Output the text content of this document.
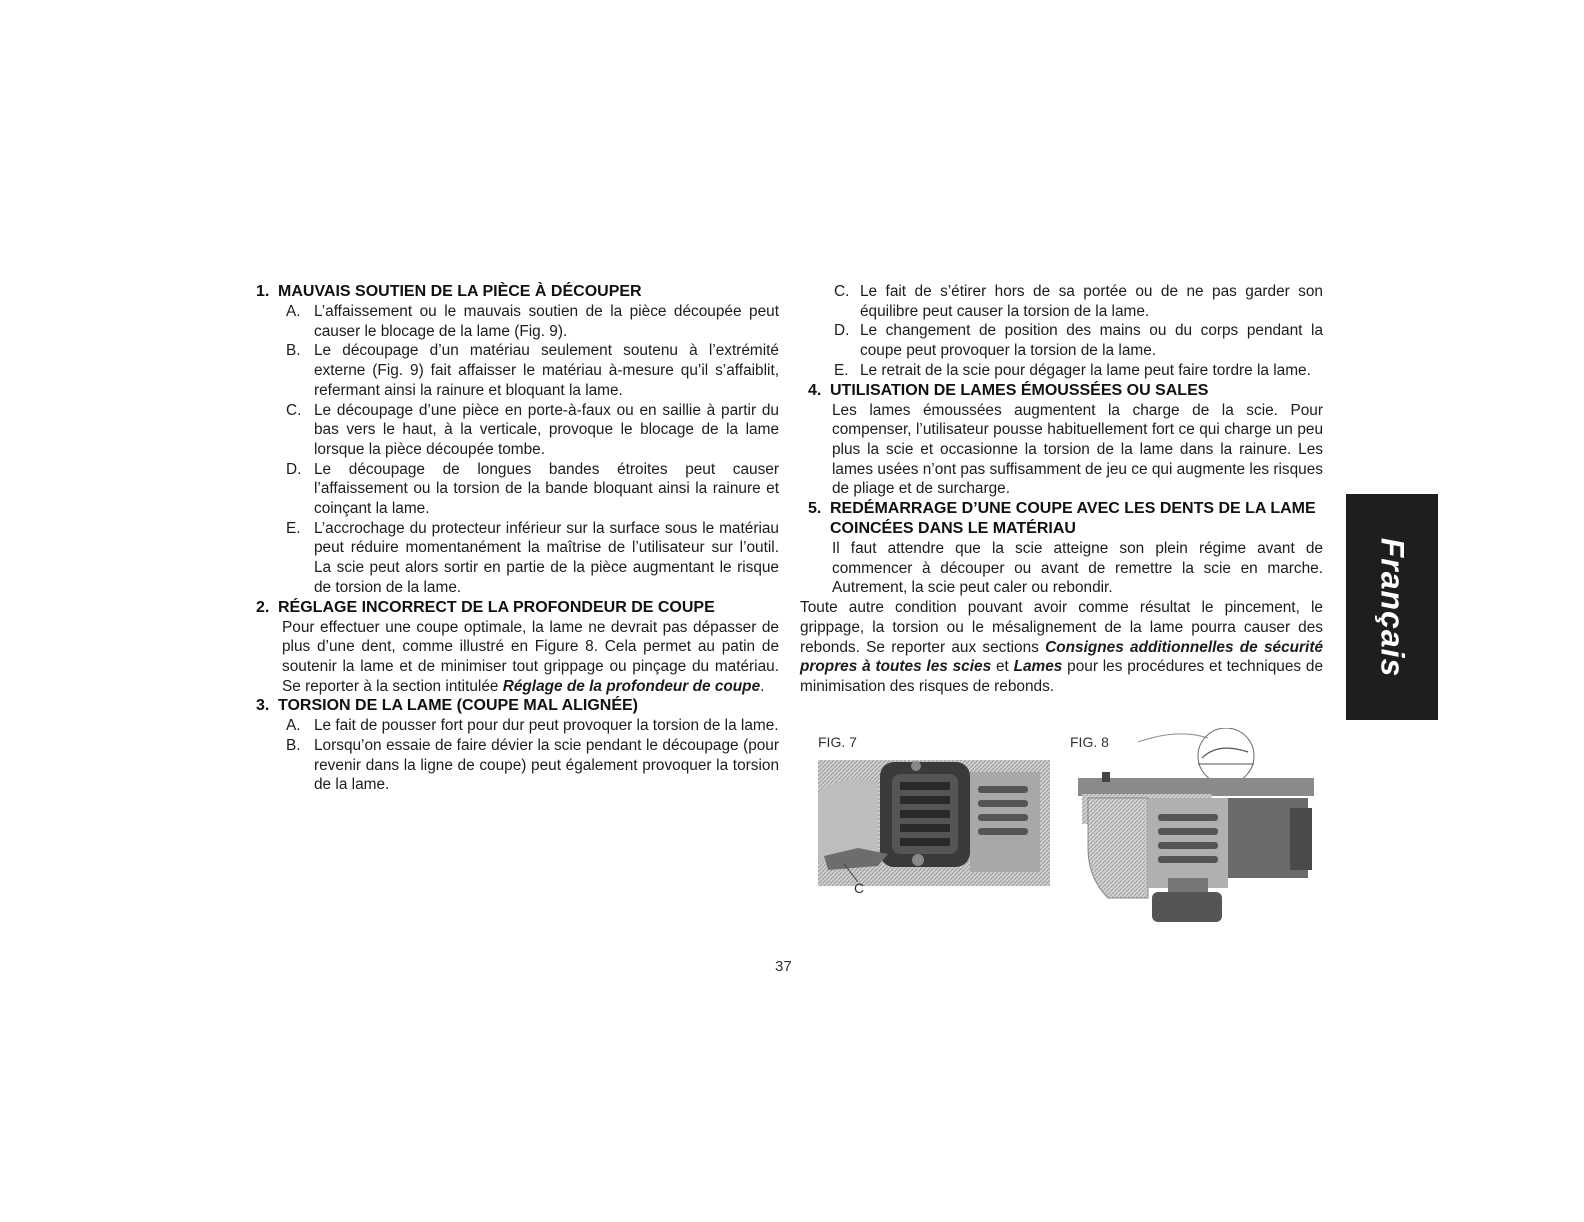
1. MAUVAIS SOUTIEN DE LA PIÈCE À DÉCOUPER
A. L’affaissement ou le mauvais soutien de la pièce découpée peut causer le blocage de la lame (Fig. 9).
B. Le découpage d’un matériau seulement soutenu à l’extrémité externe (Fig. 9) fait affaisser le matériau à-mesure qu’il s’affaiblit, refermant ainsi la rainure et bloquant la lame.
C. Le découpage d’une pièce en porte-à-faux ou en saillie à partir du bas vers le haut, à la verticale, provoque le blocage de la lame lorsque la pièce découpée tombe.
D. Le découpage de longues bandes étroites peut causer l’affaissement ou la torsion de la bande bloquant ainsi la rainure et coinçant la lame.
E. L’accrochage du protecteur inférieur sur la surface sous le matériau peut réduire momentanément la maîtrise de l’utilisateur sur l’outil. La scie peut alors sortir en partie de la pièce augmentant le risque de torsion de la lame.
2. RÉGLAGE INCORRECT DE LA PROFONDEUR DE COUPE
Pour effectuer une coupe optimale, la lame ne devrait pas dépasser de plus d’une dent, comme illustré en Figure 8. Cela permet au patin de soutenir la lame et de minimiser tout grippage ou pinçage du matériau. Se reporter à la section intitulée Réglage de la profondeur de coupe.
3. TORSION DE LA LAME (COUPE MAL ALIGNÉE)
A. Le fait de pousser fort pour dur peut provoquer la torsion de la lame.
B. Lorsqu’on essaie de faire dévier la scie pendant le découpage (pour revenir dans la ligne de coupe) peut également provoquer la torsion de la lame.
C. Le fait de s’étirer hors de sa portée ou de ne pas garder son équilibre peut causer la torsion de la lame.
D. Le changement de position des mains ou du corps pendant la coupe peut provoquer la torsion de la lame.
E. Le retrait de la scie pour dégager la lame peut faire tordre la lame.
4. UTILISATION DE LAMES ÉMOUSSÉES OU SALES
Les lames émoussées augmentent la charge de la scie. Pour compenser, l’utilisateur pousse habituellement fort ce qui charge un peu plus la scie et occasionne la torsion de la lame dans la rainure. Les lames usées n’ont pas suffisamment de jeu ce qui augmente les risques de pliage et de surcharge.
5. REDÉMARRAGE D’UNE COUPE AVEC LES DENTS DE LA LAME COINCÉES DANS LE MATÉRIAU
Il faut attendre que la scie atteigne son plein régime avant de commencer à découper ou avant de remettre la scie en marche. Autrement, la scie peut caler ou rebondir.
Toute autre condition pouvant avoir comme résultat le pincement, le grippage, la torsion ou le mésalignement de la lame pourra causer des rebonds. Se reporter aux sections Consignes additionnelles de sécurité propres à toutes les scies et Lames pour les procédures et techniques de minimisation des risques de rebonds.
FIG. 7
C
FIG. 8
Français
37
